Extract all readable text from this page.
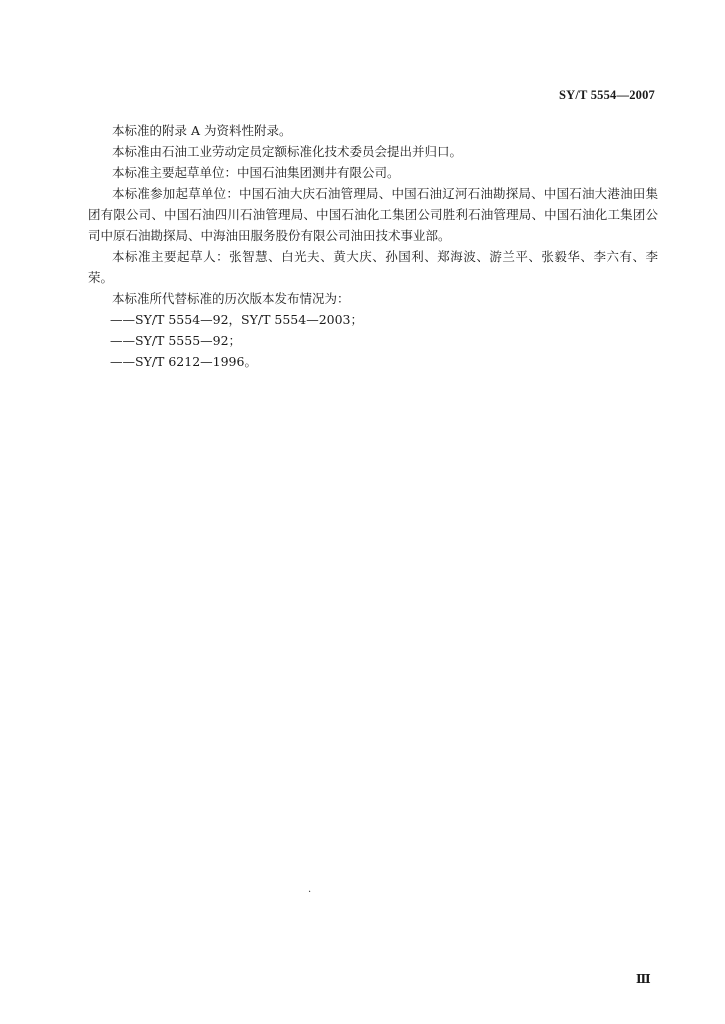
SY/T 5554—2007

本标准的附录 A 为资料性附录。

本标准由石油工业劳动定员定额标准化技术委员会提出并归口。

本标准主要起草单位：中国石油集团测井有限公司。

本标准参加起草单位：中国石油大庆石油管理局、中国石油辽河石油勘探局、中国石油大港油田集团有限公司、中国石油四川石油管理局、中国石油化工集团公司胜利石油管理局、中国石油化工集团公司中原石油勘探局、中海油田服务股份有限公司油田技术事业部。

本标准主要起草人：张智慧、白光夫、黄大庆、孙国利、郑海波、游兰平、张毅华、李六有、李荣。

本标准所代替标准的历次版本发布情况为：

——SY/T 5554—92，SY/T 5554—2003；

——SY/T 5555—92；

——SY/T 6212—1996。

.
Ⅲ
